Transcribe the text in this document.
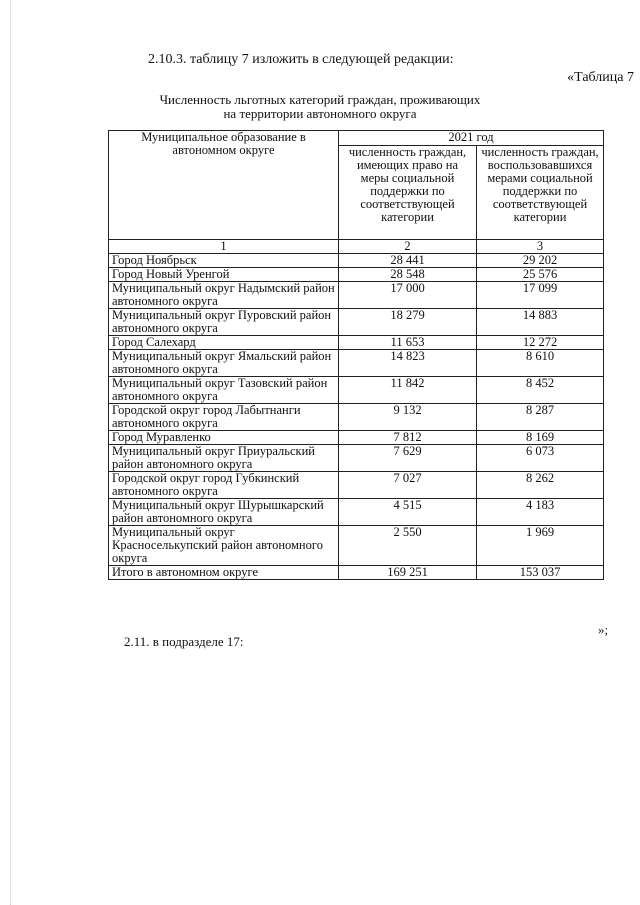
2.10.3. таблицу 7 изложить в следующей редакции:
«Таблица 7
Численность льготных категорий граждан, проживающих
на территории автономного округа
Муниципальное образование в автономном округе	2021 год	
	численность граждан, имеющих право на меры социальной поддержки по соответствующей категории	численность граждан, воспользовавшихся мерами социальной поддержки по соответствующей категории
1	2	3
Город Ноябрьск	28 441	29 202
Город Новый Уренгой	28 548	25 576
Муниципальный округ Надымский район автономного округа	17 000	17 099
Муниципальный округ Пуровский район автономного округа	18 279	14 883
Город Салехард	11 653	12 272
Муниципальный округ Ямальский район автономного округа	14 823	8 610
Муниципальный округ Тазовский район автономного округа	11 842	8 452
Городской округ город Лабытнанги автономного округа	9 132	8 287
Город Муравленко	7 812	8 169
Муниципальный округ Приуральский район автономного округа	7 629	6 073
Городской округ город Губкинский автономного округа	7 027	8 262
Муниципальный округ Шурышкарский район автономного округа	4 515	4 183
Муниципальный округ Красноселькупский район автономного округа	2 550	1 969
Итого в автономном округе	169 251	153 037
»;
2.11. в подразделе 17:
